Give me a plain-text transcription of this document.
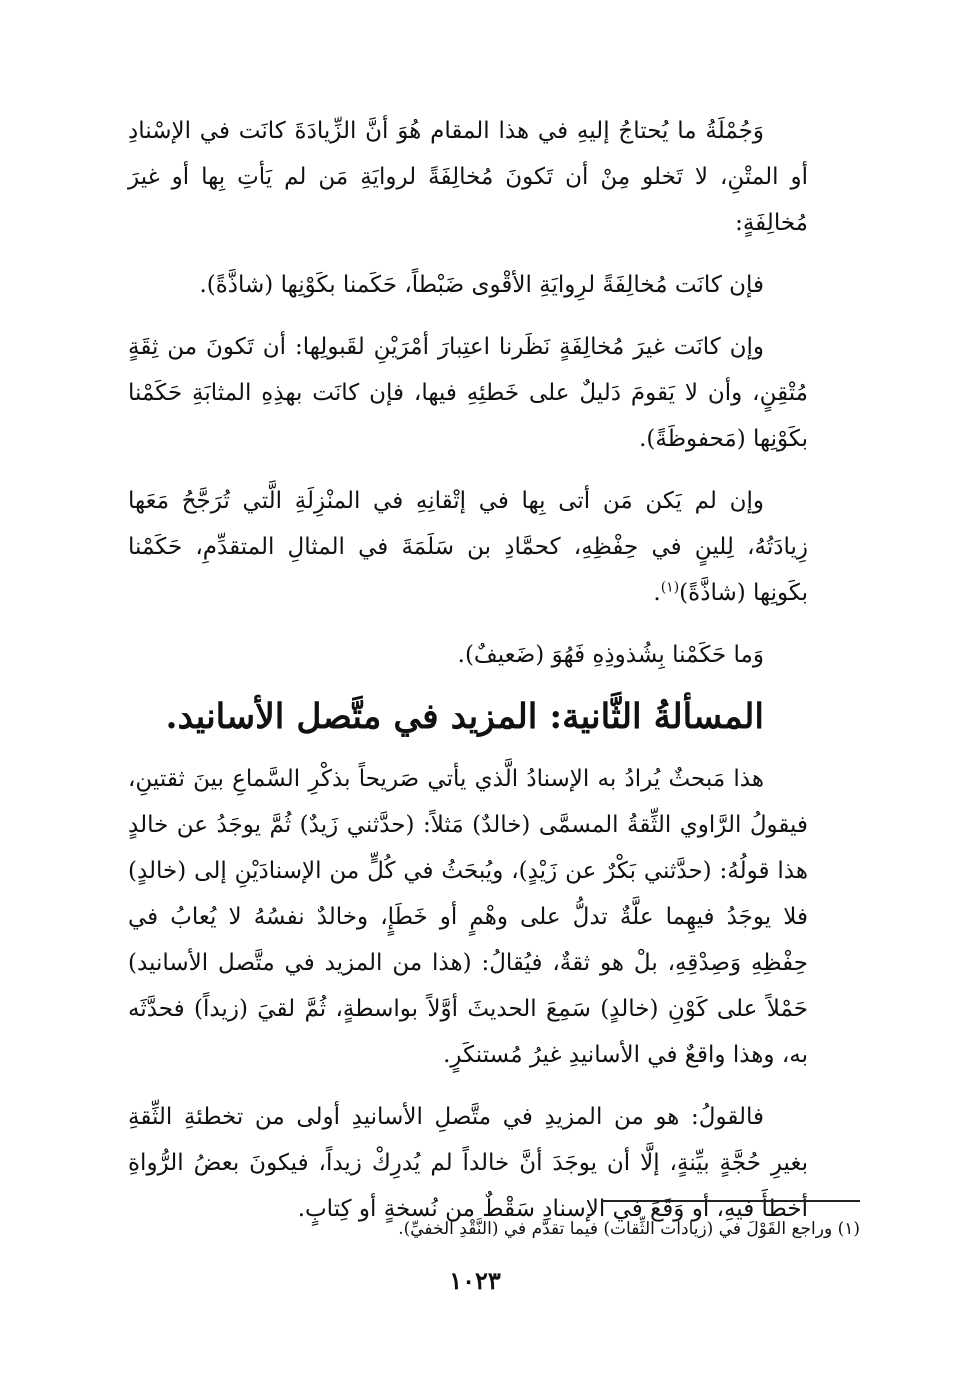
وَجُمْلَةُ ما يُحتاجُ إليهِ في هذا المقام هُوَ أنَّ الزِّيادَةَ كانَت في الإسْنادِ أو المتْنِ، لا تَخلو مِنْ أن تَكونَ مُخالِفَةً لروايَةِ مَن لم يَأتِ بِها أو غيرَ مُخالِفَةٍ:

فإن كانَت مُخالِفَةً لرِوايَةِ الأقْوى ضَبْطاً، حَكَمنا بكَوْنِها (شاذَّةً).

وإن كانَت غيرَ مُخالِفَةٍ نَظَرنا اعتِبارَ أمْرَيْنِ لقَبولِها: أن تَكونَ من ثِقَةٍ مُتْقِنٍ، وأن لا يَقومَ دَليلٌ على خَطئِهِ فيها، فإن كانَت بهذِهِ المثابَةِ حَكَمْنا بكَوْنِها (مَحفوظَةً).

وإن لم يَكن مَن أتى بِها في إتْقانِهِ في المنْزِلَةِ الَّتي تُرَجَّحُ مَعَها زِيادَتُهُ، لِلينٍ في حِفْظِهِ، كحمَّادِ بن سَلَمَةَ في المثالِ المتقدِّمِ، حَكَمْنا بكَونِها (شاذَّةً)$^{(١)}$.

وَما حَكَمْنا بِشُذوذِهِ فَهُوَ (ضَعيفٌ).

المسألةُ الثَّانية: المزيد في متَّصل الأسانيد.

هذا مَبحثٌ يُرادُ به الإسنادُ الَّذي يأتي صَريحاً بذكْرِ السَّماعِ بينَ ثقتينِ، فيقولُ الرَّاوي الثِّقةُ المسمَّى (خالدٌ) مَثلاً: (حدَّثني زَيدٌ) ثُمَّ يوجَدُ عن خالدٍ هذا قولُهُ: (حدَّثني بَكْرٌ عن زَيْدٍ)، ويُبحَثُ في كُلٍّ من الإسنادَيْنِ إلى (خالدٍ) فلا يوجَدُ فيهِما علَّةٌ تدلُّ على وهْمٍ أو خَطَإٍ، وخالدٌ نفسُهُ لا يُعابُ في حِفْظِهِ وَصِدْقِهِ، بلْ هو ثقةٌ، فيُقالُ: (هذا من المزيد في متَّصل الأسانيد) حَمْلاً على كَوْنِ (خالدٍ) سَمِعَ الحديثَ أوَّلاً بواسطةٍ، ثُمَّ لقيَ (زيداً) فحدَّثَه به، وهذا واقعٌ في الأسانيدِ غيرُ مُستنكَرٍ.

فالقولُ: هو من المزيدِ في متَّصلِ الأسانيدِ أولى من تخطئةِ الثِّقةِ بغيرِ حُجَّةٍ بيِّنةٍ، إلَّا أن يوجَدَ أنَّ خالداً لم يُدرِكْ زيداً، فيكونَ بعضُ الرُّواةِ أخطأَ فيهِ، أو وَقَعَ في الإسنادِ سَقْطٌ من نُسخةٍ أو كِتابٍ.

(١) وراجع القَوْلَ في (زيادات الثِّقات) فيما تقدَّم في (النَّقْدِ الخفيِّ).
١٠٢٣
